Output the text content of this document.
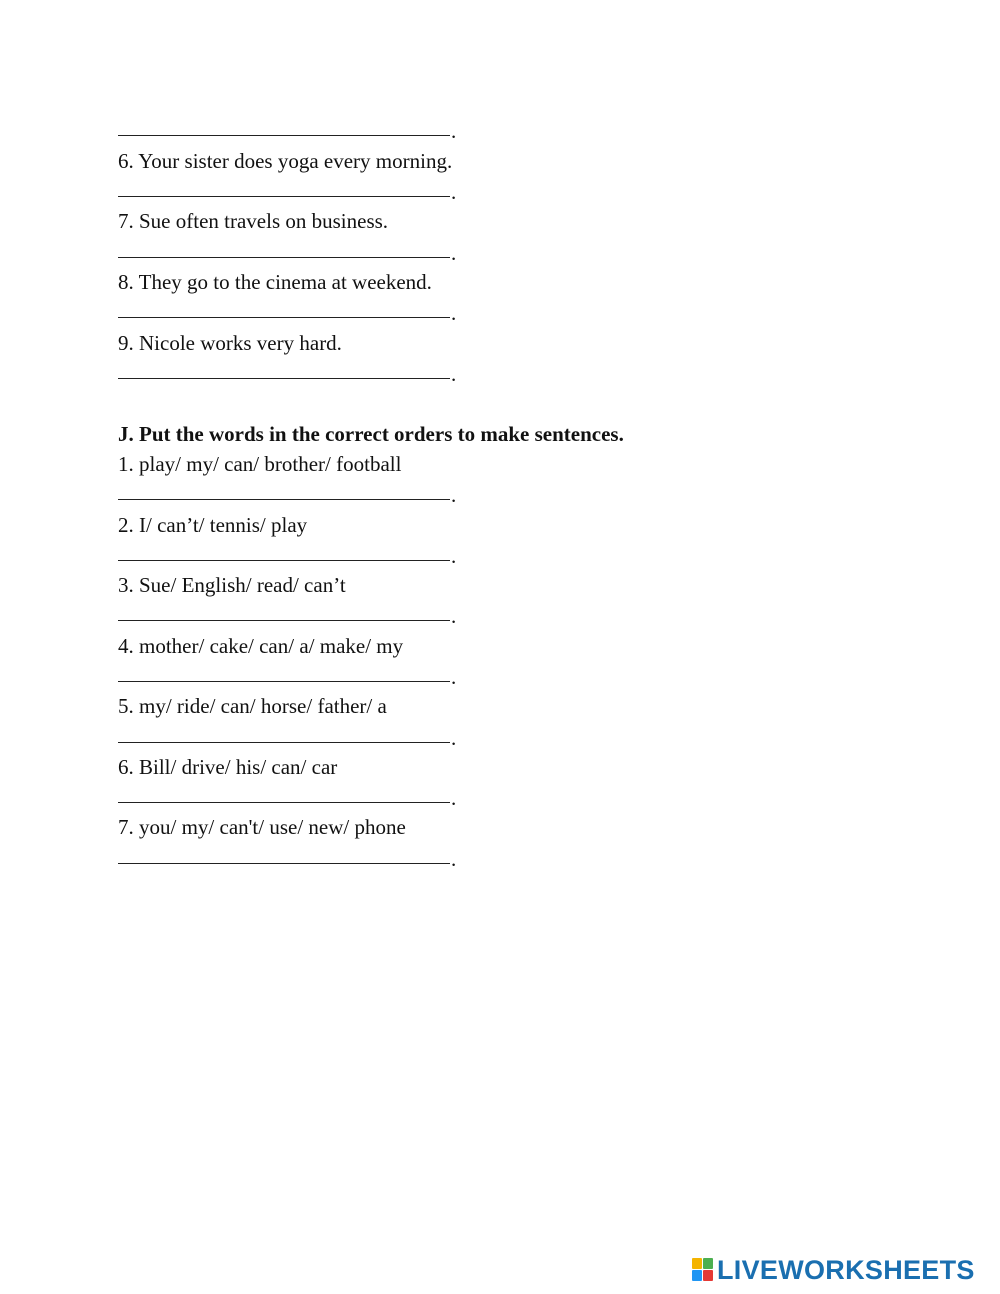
.
6. Your sister does yoga every morning.
.
7. Sue often travels on business.
.
8. They go to the cinema at weekend.
.
9. Nicole works very hard.
.
J. Put the words in the correct orders to make sentences.
1. play/ my/ can/ brother/ football
.
2. I/ can’t/ tennis/ play
.
3. Sue/ English/ read/ can’t
.
4. mother/ cake/ can/ a/ make/ my
.
5. my/ ride/ can/ horse/ father/ a
.
6. Bill/ drive/ his/ can/ car
.
7. you/ my/ can't/ use/ new/ phone
.
LIVEWORKSHEETS
